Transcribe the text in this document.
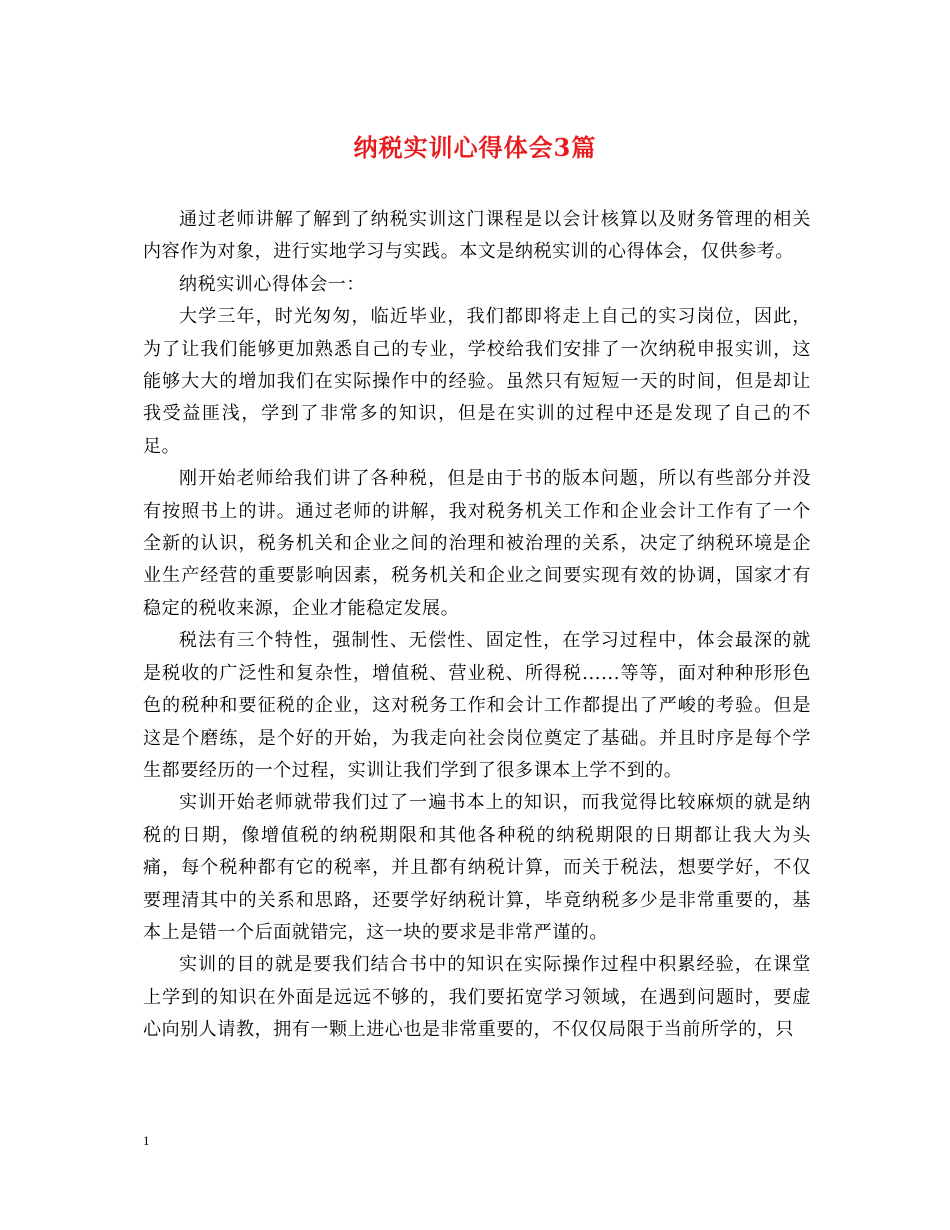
纳税实训心得体会3篇

通过老师讲解了解到了纳税实训这门课程是以会计核算以及财务管理的相关内容作为对象，进行实地学习与实践。本文是纳税实训的心得体会，仅供参考。

纳税实训心得体会一：

大学三年，时光匆匆，临近毕业，我们都即将走上自己的实习岗位，因此，为了让我们能够更加熟悉自己的专业，学校给我们安排了一次纳税申报实训，这能够大大的增加我们在实际操作中的经验。虽然只有短短一天的时间，但是却让我受益匪浅，学到了非常多的知识，但是在实训的过程中还是发现了自己的不足。

刚开始老师给我们讲了各种税，但是由于书的版本问题，所以有些部分并没有按照书上的讲。通过老师的讲解，我对税务机关工作和企业会计工作有了一个全新的认识，税务机关和企业之间的治理和被治理的关系，决定了纳税环境是企业生产经营的重要影响因素，税务机关和企业之间要实现有效的协调，国家才有稳定的税收来源，企业才能稳定发展。

税法有三个特性，强制性、无偿性、固定性，在学习过程中，体会最深的就是税收的广泛性和复杂性，增值税、营业税、所得税......等等，面对种种形形色色的税种和要征税的企业，这对税务工作和会计工作都提出了严峻的考验。但是这是个磨练，是个好的开始，为我走向社会岗位奠定了基础。并且时序是每个学生都要经历的一个过程，实训让我们学到了很多课本上学不到的。

实训开始老师就带我们过了一遍书本上的知识，而我觉得比较麻烦的就是纳税的日期，像增值税的纳税期限和其他各种税的纳税期限的日期都让我大为头痛，每个税种都有它的税率，并且都有纳税计算，而关于税法，想要学好，不仅要理清其中的关系和思路，还要学好纳税计算，毕竟纳税多少是非常重要的，基本上是错一个后面就错完，这一块的要求是非常严谨的。

实训的目的就是要我们结合书中的知识在实际操作过程中积累经验，在课堂上学到的知识在外面是远远不够的，我们要拓宽学习领域，在遇到问题时，要虚心向别人请教，拥有一颗上进心也是非常重要的，不仅仅局限于当前所学的，只

1
